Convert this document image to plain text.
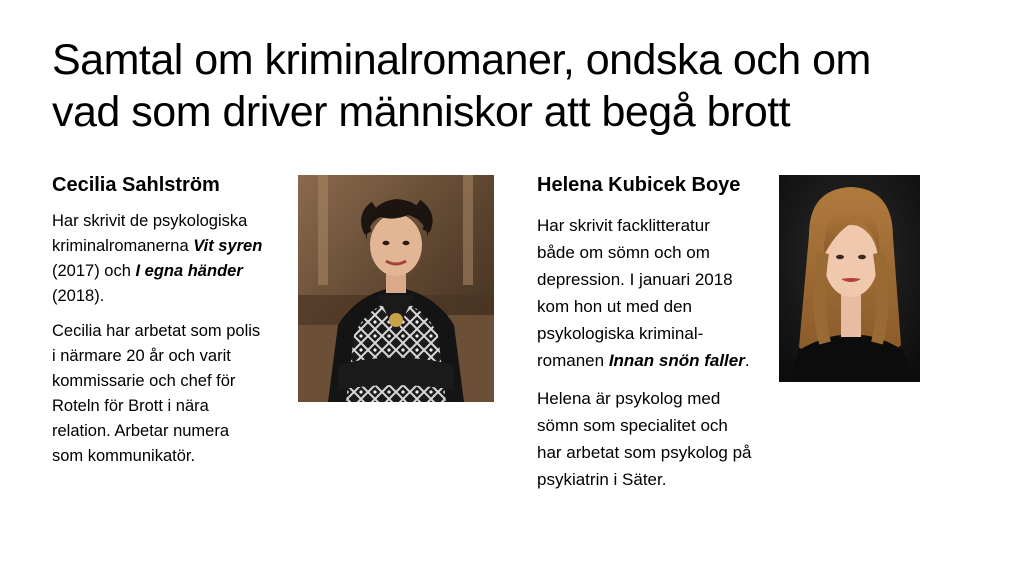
Samtal om kriminalromaner, ondska och om
vad som driver människor att begå brott
Cecilia Sahlström

Har skrivit de psykologiska
kriminalromanerna Vit syren
(2017) och I egna händer
(2018).

Cecilia har arbetat som polis
i närmare 20 år och varit
kommissarie och chef för
Roteln för Brott i nära
relation. Arbetar numera
som kommunikatör.

Helena Kubicek Boye

Har skrivit facklitteratur
både om sömn och om
depression. I januari 2018
kom hon ut med den
psykologiska kriminal-
romanen Innan snön faller.

Helena är psykolog med
sömn som specialitet och
har arbetat som psykolog på
psykiatrin i Säter.
